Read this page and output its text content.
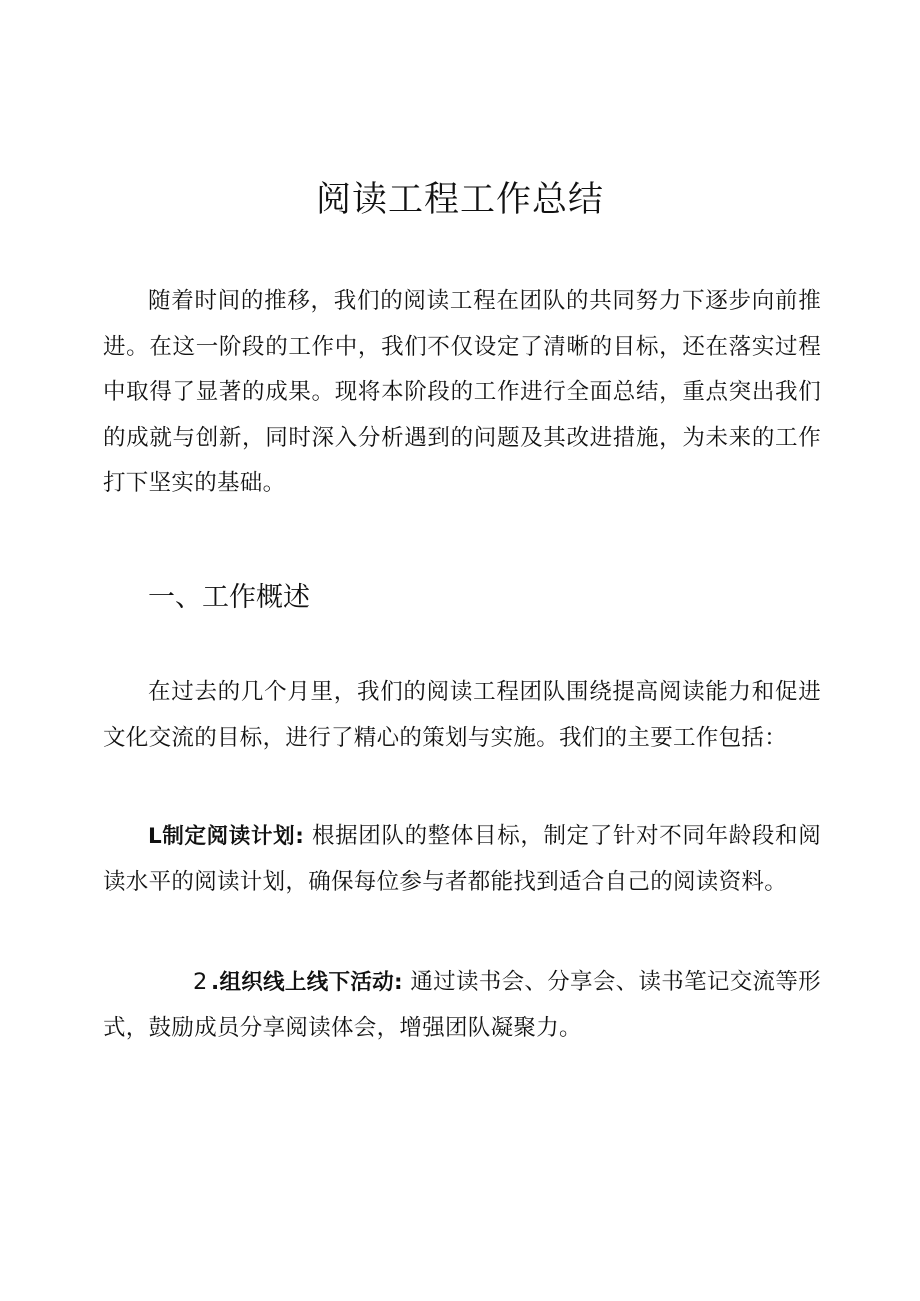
阅读工程工作总结

随着时间的推移，我们的阅读工程在团队的共同努力下逐步向前推进。在这一阶段的工作中，我们不仅设定了清晰的目标，还在落实过程中取得了显著的成果。现将本阶段的工作进行全面总结，重点突出我们的成就与创新，同时深入分析遇到的问题及其改进措施，为未来的工作打下坚实的基础。

一、工作概述

在过去的几个月里，我们的阅读工程团队围绕提高阅读能力和促进文化交流的目标，进行了精心的策划与实施。我们的主要工作包括：

L制定阅读计划: 根据团队的整体目标，制定了针对不同年龄段和阅读水平的阅读计划，确保每位参与者都能找到适合自己的阅读资料。

2 .组织线上线下活动: 通过读书会、分享会、读书笔记交流等形式，鼓励成员分享阅读体会，增强团队凝聚力。
